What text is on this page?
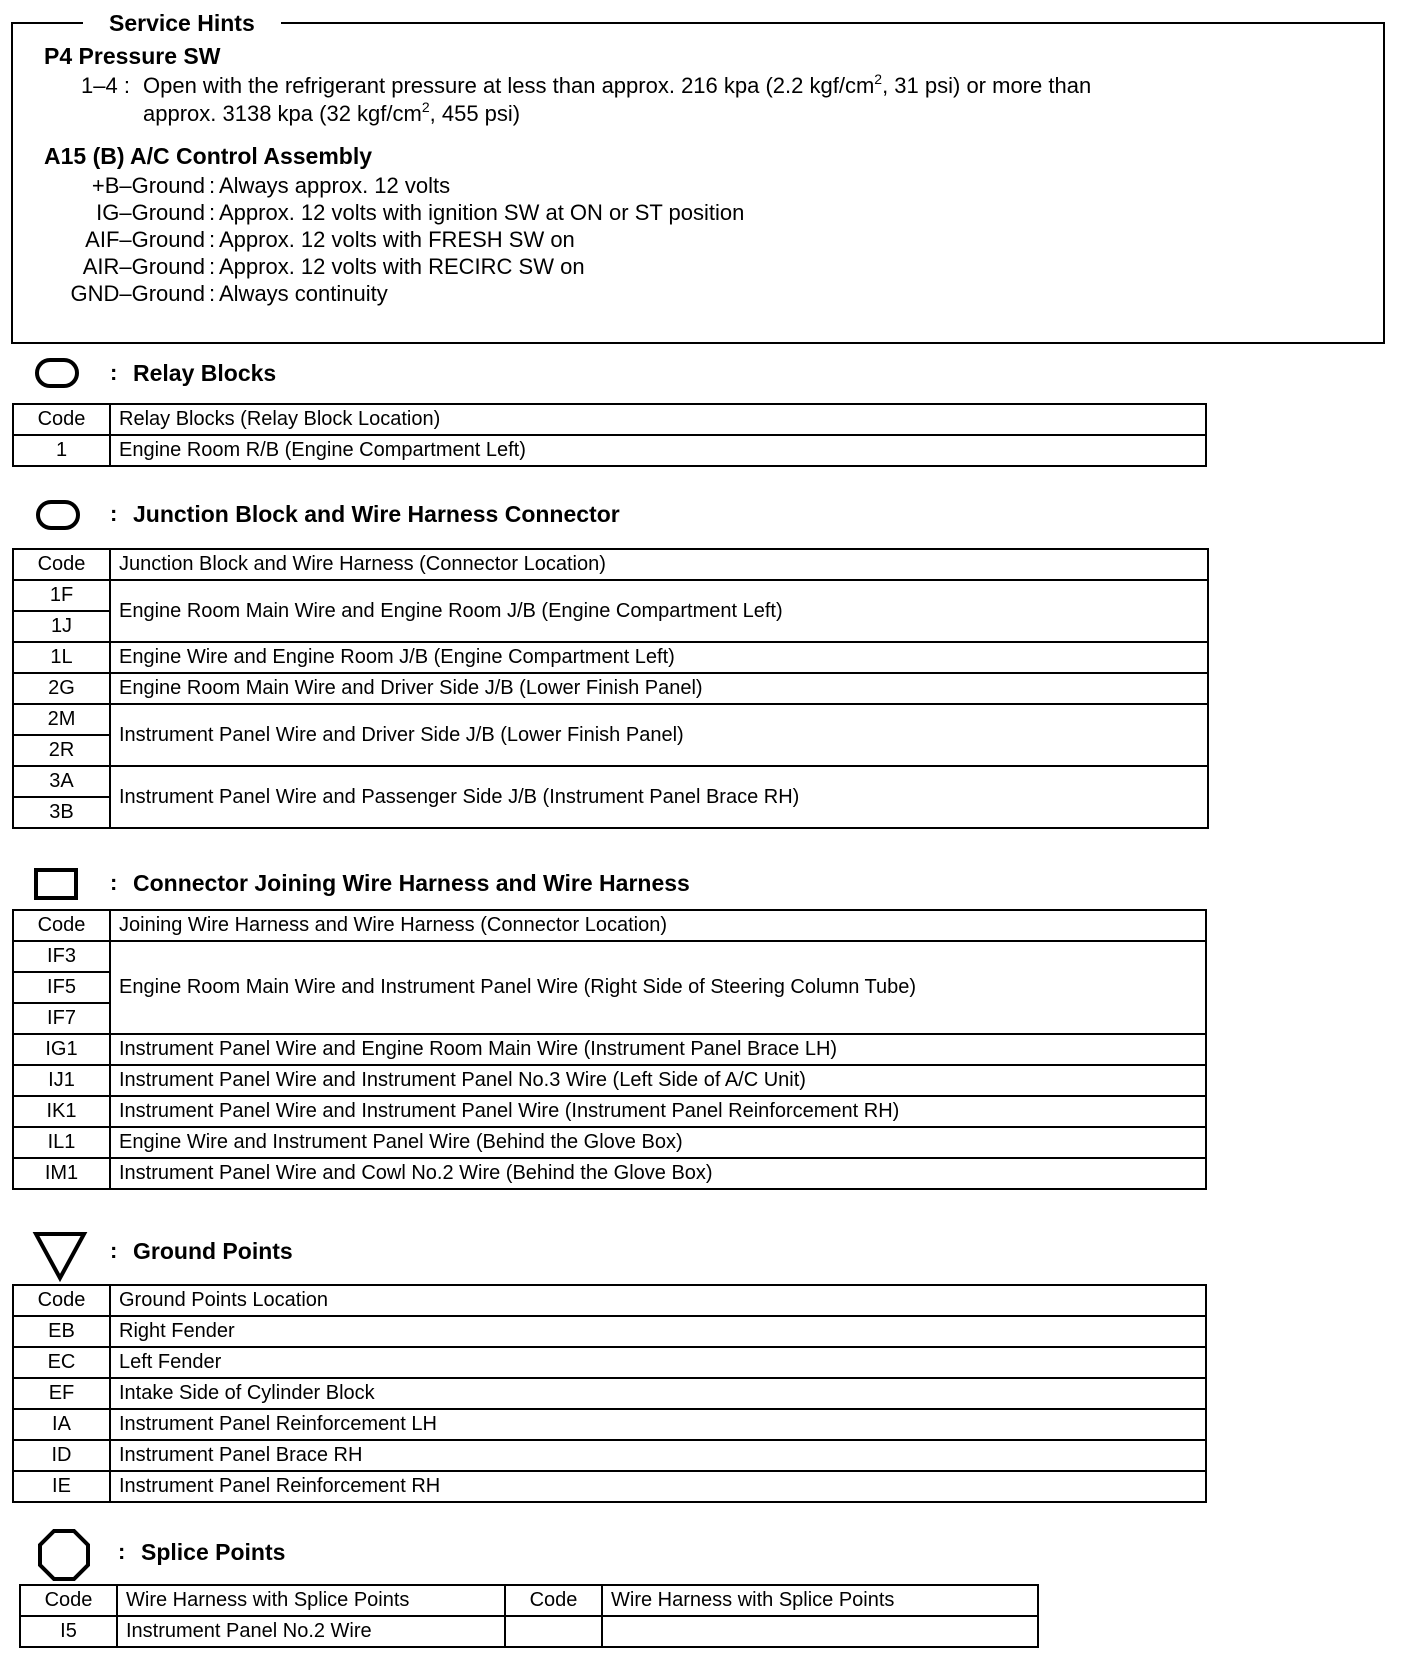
Service Hints
P4 Pressure SW
1–4 : Open with the refrigerant pressure at less than approx. 216 kpa (2.2 kgf/$cm^2$, 31 psi) or more than
approx. 3138 kpa (32 kgf/$cm^2$, 455 psi)
A15 (B) A/C Control Assembly
+B–Ground : Always approx. 12 volts
IG–Ground : Approx. 12 volts with ignition SW at ON or ST position
AIF–Ground : Approx. 12 volts with FRESH SW on
AIR–Ground : Approx. 12 volts with RECIRC SW on
GND–Ground : Always continuity
: Relay Blocks
Code	Relay Blocks (Relay Block Location)
1	Engine Room R/B (Engine Compartment Left)
: Junction Block and Wire Harness Connector
Code	Junction Block and Wire Harness (Connector Location)
1F	Engine Room Main Wire and Engine Room J/B (Engine Compartment Left)
1J	
1L	Engine Wire and Engine Room J/B (Engine Compartment Left)
2G	Engine Room Main Wire and Driver Side J/B (Lower Finish Panel)
2M	Instrument Panel Wire and Driver Side J/B (Lower Finish Panel)
2R	
3A	Instrument Panel Wire and Passenger Side J/B (Instrument Panel Brace RH)
3B	
: Connector Joining Wire Harness and Wire Harness
Code	Joining Wire Harness and Wire Harness (Connector Location)
IF3	Engine Room Main Wire and Instrument Panel Wire (Right Side of Steering Column Tube)
IF5	
IF7	
IG1	Instrument Panel Wire and Engine Room Main Wire (Instrument Panel Brace LH)
IJ1	Instrument Panel Wire and Instrument Panel No.3 Wire (Left Side of A/C Unit)
IK1	Instrument Panel Wire and Instrument Panel Wire (Instrument Panel Reinforcement RH)
IL1	Engine Wire and Instrument Panel Wire (Behind the Glove Box)
IM1	Instrument Panel Wire and Cowl No.2 Wire (Behind the Glove Box)
: Ground Points
Code	Ground Points Location
EB	Right Fender
EC	Left Fender
EF	Intake Side of Cylinder Block
IA	Instrument Panel Reinforcement LH
ID	Instrument Panel Brace RH
IE	Instrument Panel Reinforcement RH
: Splice Points
Code	Wire Harness with Splice Points	Code	Wire Harness with Splice Points
I5	Instrument Panel No.2 Wire		
